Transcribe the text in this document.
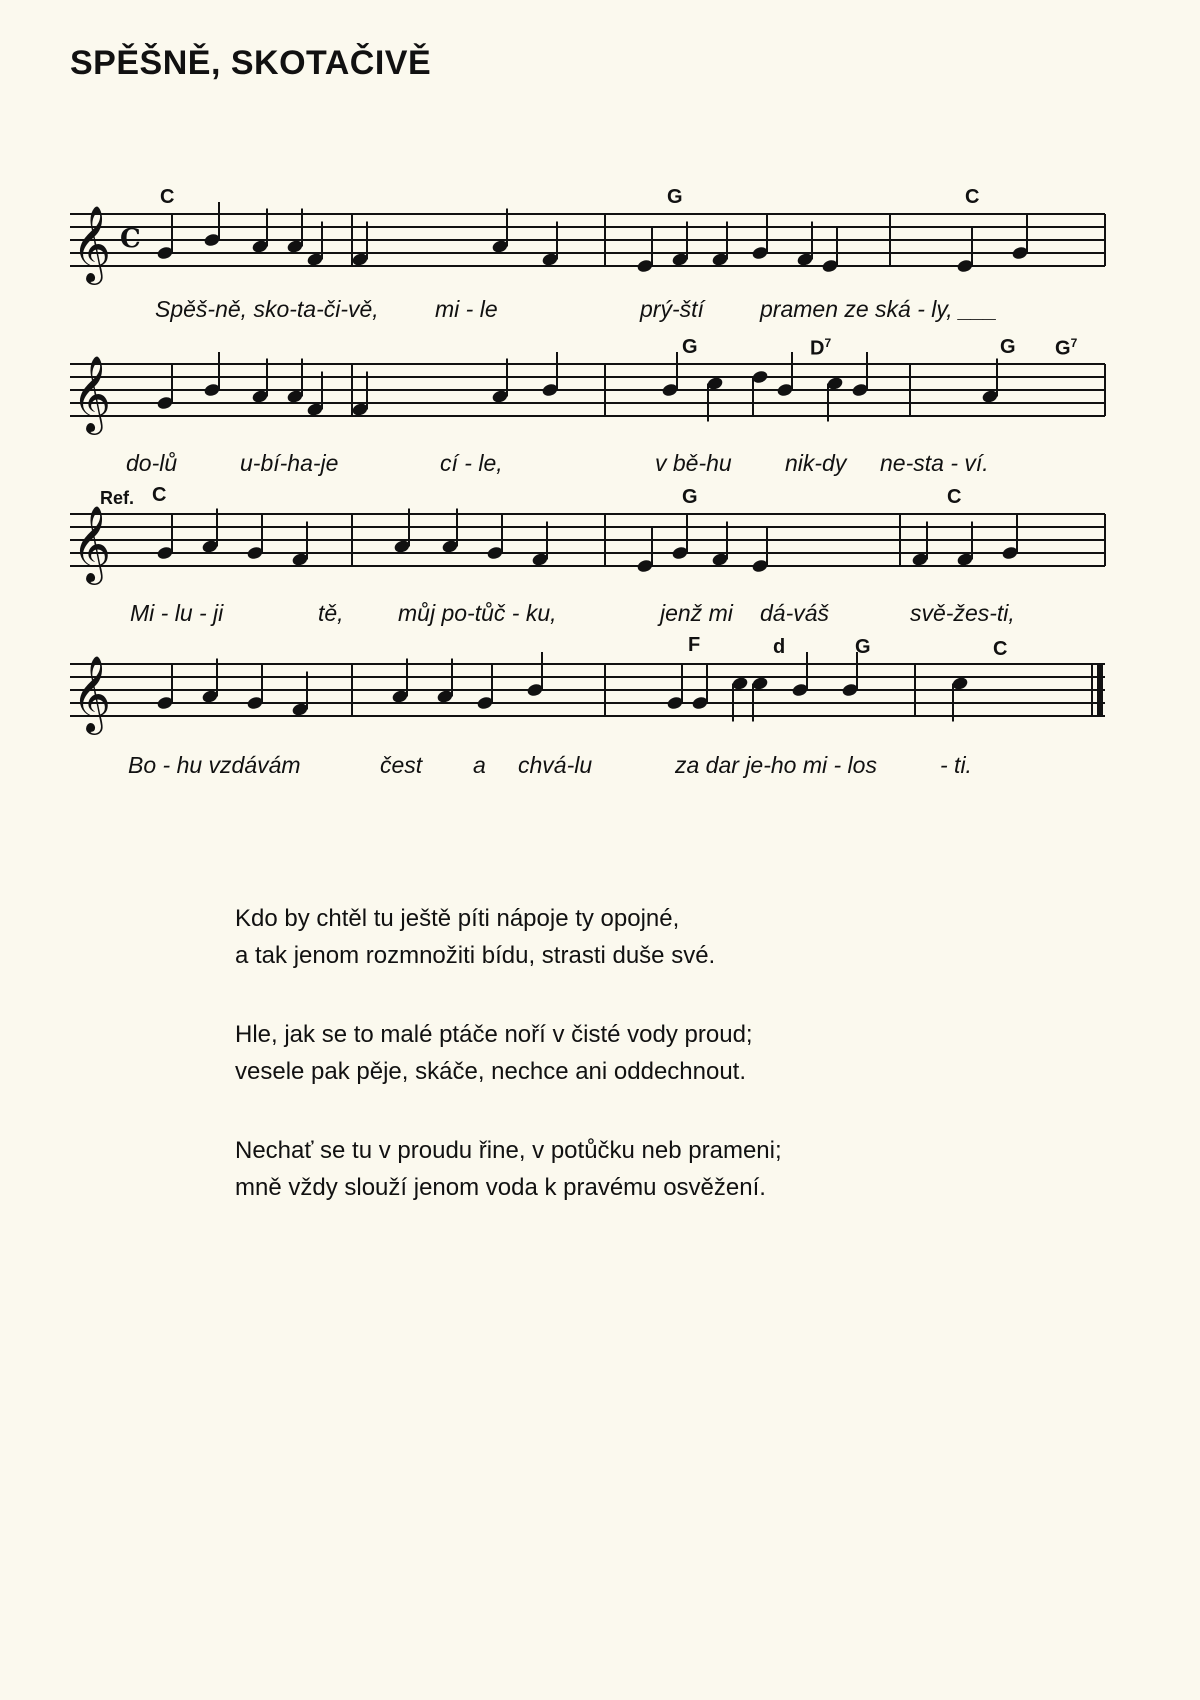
SPĚŠNĚ, SKOTAČIVĚ
𝄞 C
C	G	C
Spěš-ně, sko-ta-či-vě, mi - le	prý-ští pramen ze ská - ly, ___
𝄞
G	$D^7$	G $G^7$
do-lů	u-bí-ha-je	cí - le,	v bě-hu nik-dy ne-sta - ví.
𝄞
Ref. C	G	C
Mi - lu - ji	tě, můj po-tůč - ku,	jenž mi dá-váš	svě-žes-ti,
𝄞
F	d	G	C
Bo - hu vzdávám	čest a chvá-lu	za dar je-ho mi - los	- ti.
Kdo by chtěl tu ještě píti nápoje ty opojné,
a tak jenom rozmnožiti bídu, strasti duše své.
Hle, jak se to malé ptáče noří v čisté vody proud;
vesele pak pěje, skáče, nechce ani oddechnout.
Nechať se tu v proudu řine, v potůčku neb prameni;
mně vždy slouží jenom voda k pravému osvěžení.
